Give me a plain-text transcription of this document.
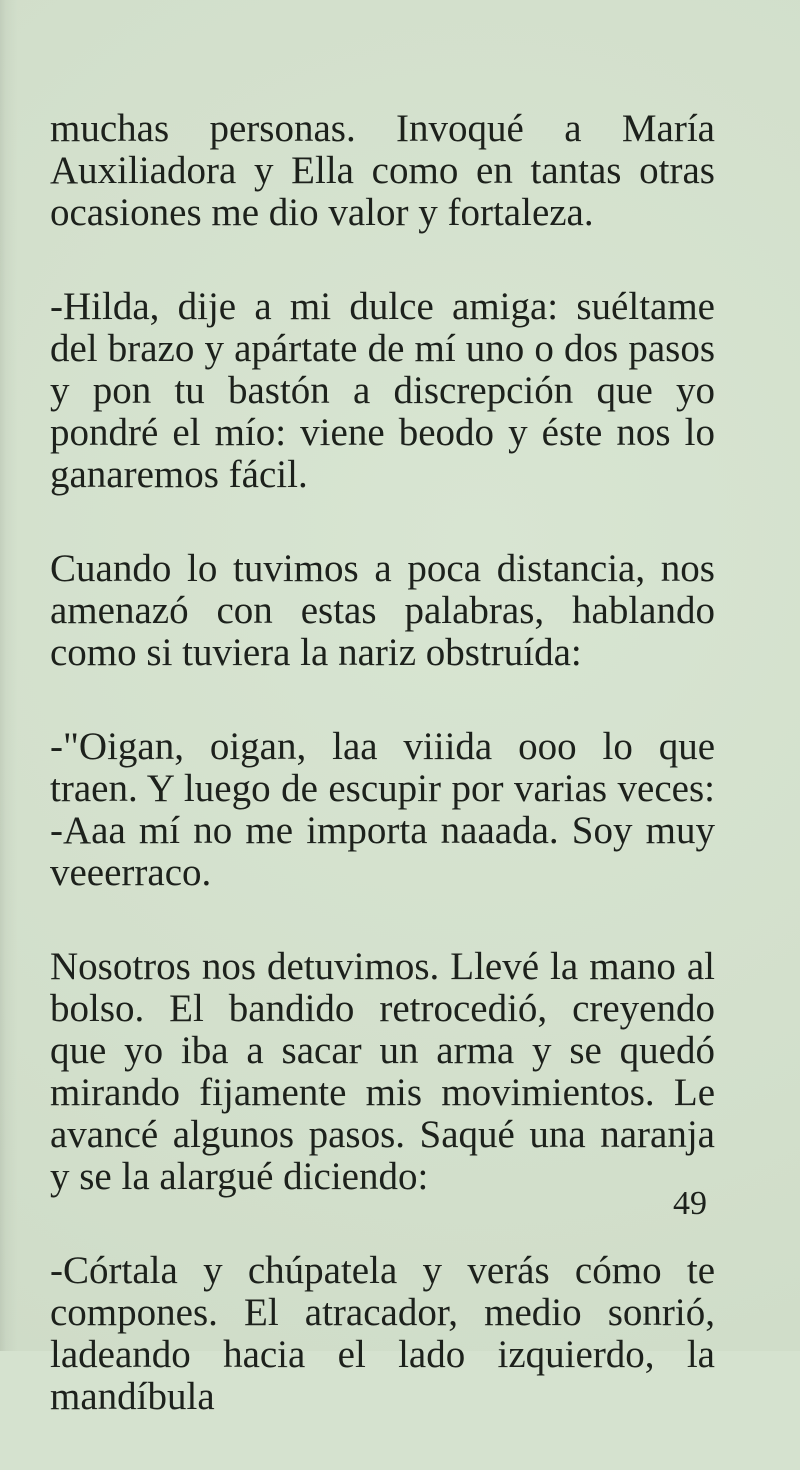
muchas personas. Invoqué a María Auxiliadora y Ella como en tantas otras ocasiones me dio valor y fortaleza.

-Hilda, dije a mi dulce amiga: suéltame del brazo y apártate de mí uno o dos pasos y pon tu bastón a discrepción que yo pondré el mío: viene beodo y éste nos lo ganaremos fácil.

Cuando lo tuvimos a poca distancia, nos amenazó con estas palabras, hablando como si tuviera la nariz obstruída:

-"Oigan, oigan, laa viiida ooo lo que traen. Y luego de escupir por varias veces: -Aaa mí no me importa naaada. Soy muy veeerraco.

Nosotros nos detuvimos. Llevé la mano al bolso. El bandido retrocedió, creyendo que yo iba a sacar un arma y se quedó mirando fijamente mis movimientos. Le avancé algunos pasos. Saqué una naranja y se la alargué diciendo:

-Córtala y chúpatela y verás cómo te compones. El atracador, medio sonrió, ladeando hacia el lado izquierdo, la mandíbula

49
